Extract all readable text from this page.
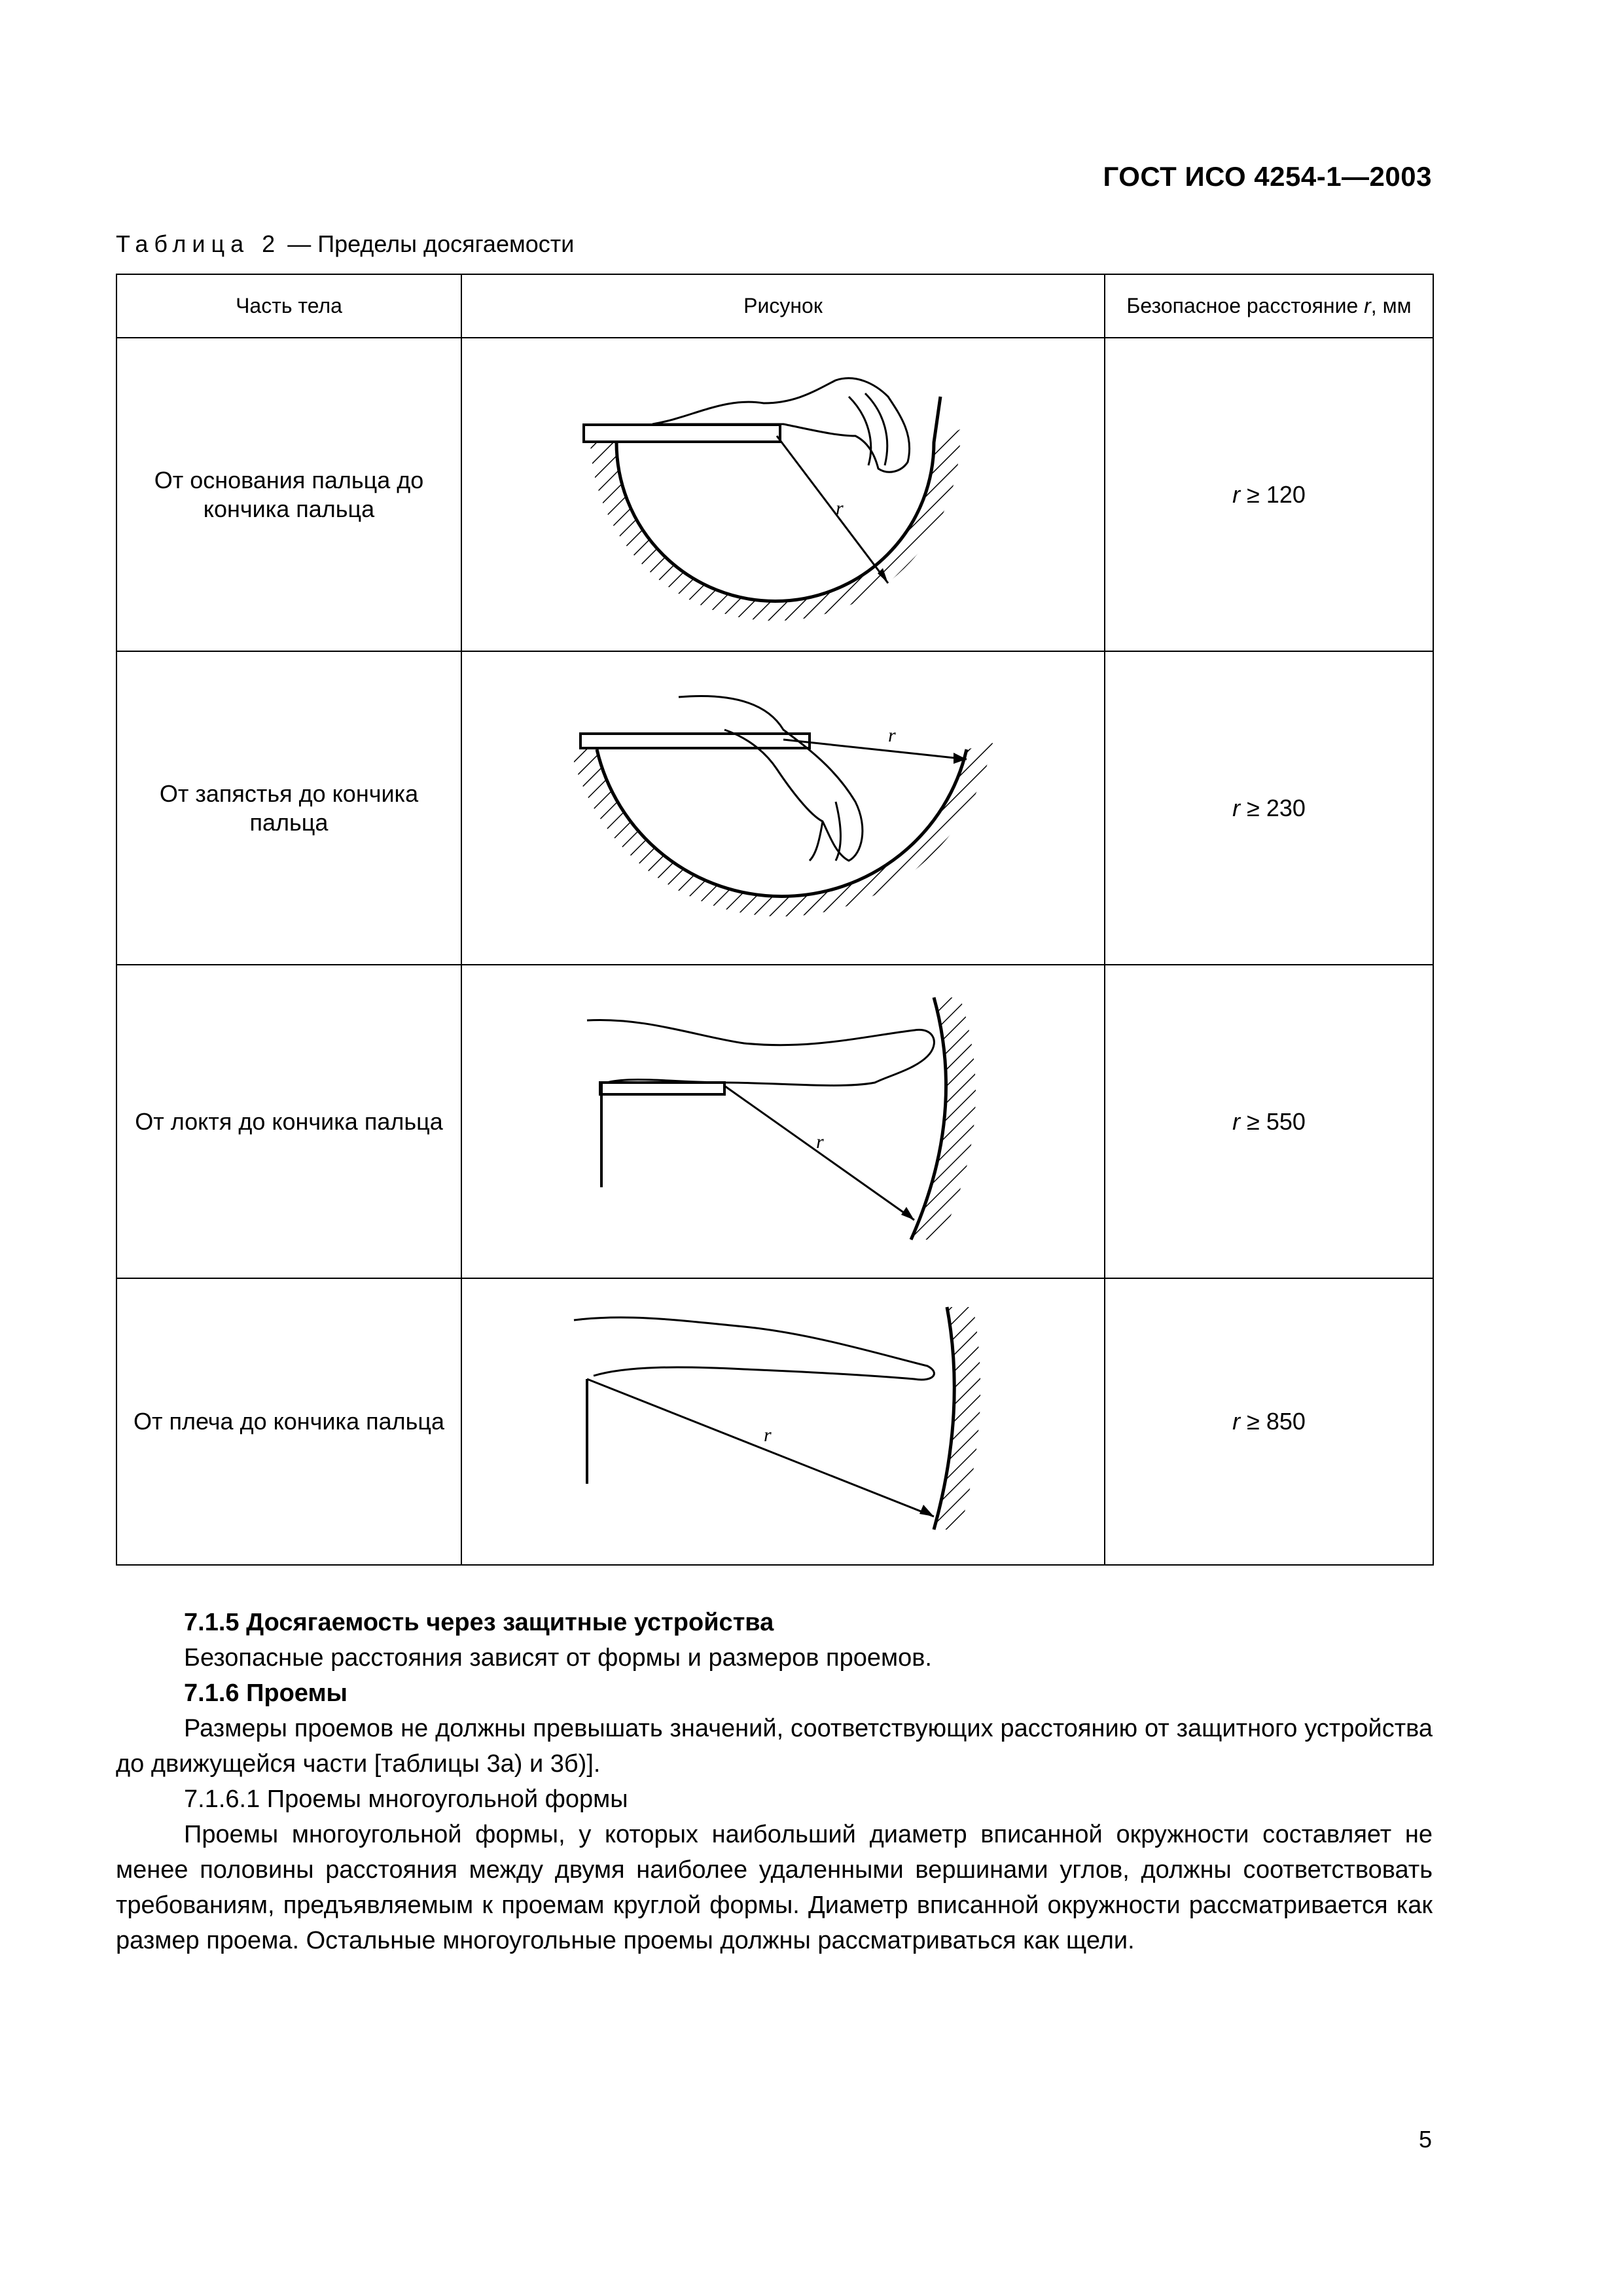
ГОСТ ИСО 4254-1—2003
Таблица 2 — Пределы досягаемости
Часть тела	Рисунок	Безопасное расстояние r, мм
От основания пальца до кончика пальца	r	r ≥ 120
От запястья до кончика пальца	r	r ≥ 230
От локтя до кончика пальца	r	r ≥ 550
От плеча до кончика пальца	r	r ≥ 850

7.1.5 Досягаемость через защитные устройства

Безопасные расстояния зависят от формы и размеров проемов.

7.1.6 Проемы

Размеры проемов не должны превышать значений, соответствующих расстоянию от защитного устройства до движущейся части [таблицы 3а) и 3б)].

7.1.6.1 Проемы многоугольной формы

Проемы многоугольной формы, у которых наибольший диаметр вписанной окружности составляет не менее половины расстояния между двумя наиболее удаленными вершинами углов, должны соответствовать требованиям, предъявляемым к проемам круглой формы. Диаметр вписанной окружности рассматривается как размер проема. Остальные многоугольные проемы должны рассматриваться как щели.

5
